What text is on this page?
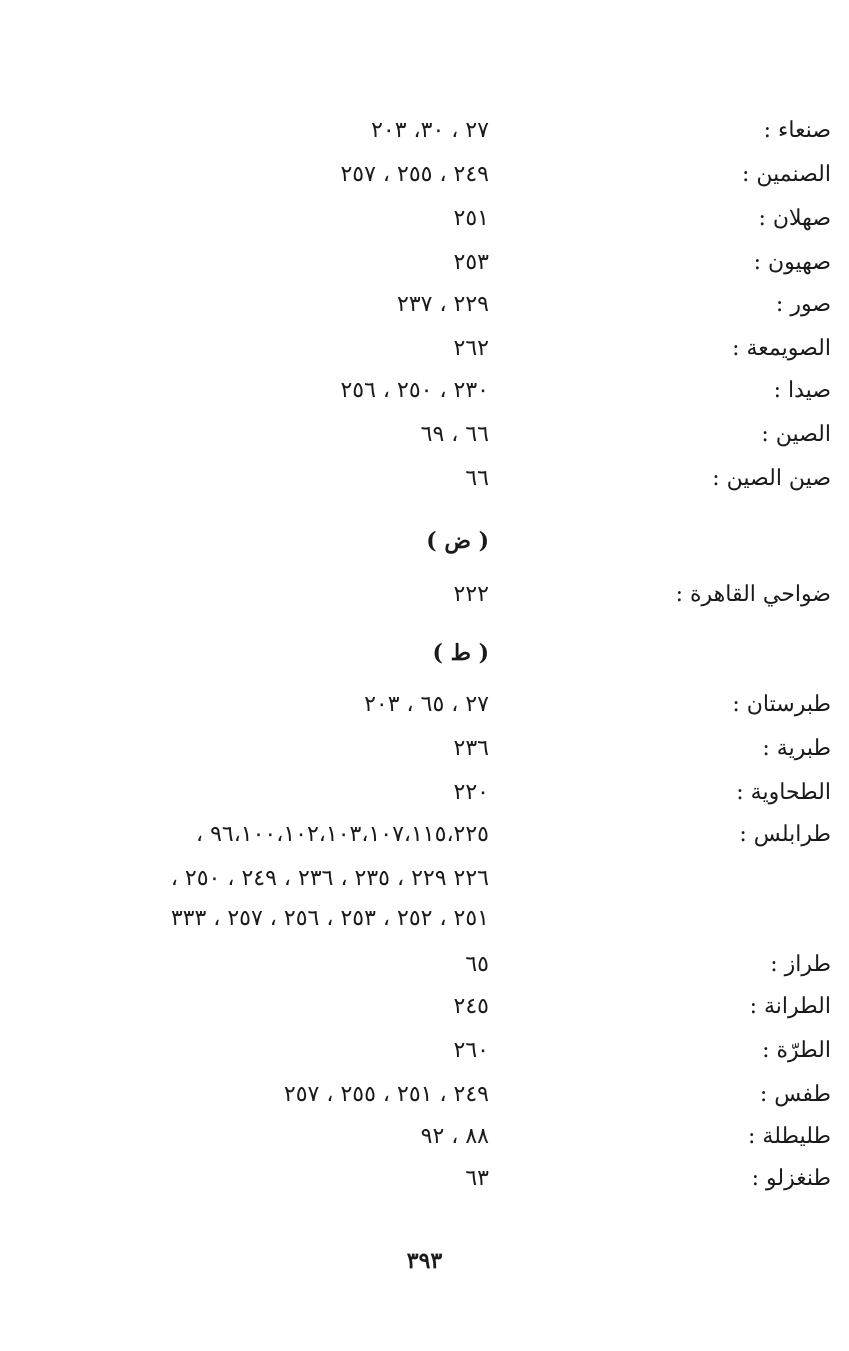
صنعاء :
٢٧ ، ٣٠، ٢٠٣
الصنمين :
٢٤٩ ، ٢٥٥ ، ٢٥٧
صهلان :
٢٥١
صهيون :
٢٥٣
صور :
٢٢٩ ، ٢٣٧
الصويمعة :
٢٦٢
صيدا :
٢٣٠ ، ٢٥٠ ، ٢٥٦
الصين :
٦٦ ، ٦٩
صين الصين :
٦٦
( ض )
ضواحي القاهرة :
٢٢٢
( ط )
طبرستان :
٢٧ ، ٦٥ ، ٢٠٣
طبرية :
٢٣٦
الطحاوية :
٢٢٠
طرابلس :
٩٦،١٠٠،١٠٢،١٠٣،١٠٧،١١٥،٢٢٥ ،
٢٢٦ ٢٢٩ ، ٢٣٥ ، ٢٣٦ ، ٢٤٩ ، ٢٥٠ ،
٢٥١ ، ٢٥٢ ، ٢٥٣ ، ٢٥٦ ، ٢٥٧ ، ٣٣٣
طراز :
٦٥
الطرانة :
٢٤٥
الطرّة :
٢٦٠
طفس :
٢٤٩ ، ٢٥١ ، ٢٥٥ ، ٢٥٧
طليطلة :
٨٨ ، ٩٢
طنغزلو :
٦٣
٣٩٣
